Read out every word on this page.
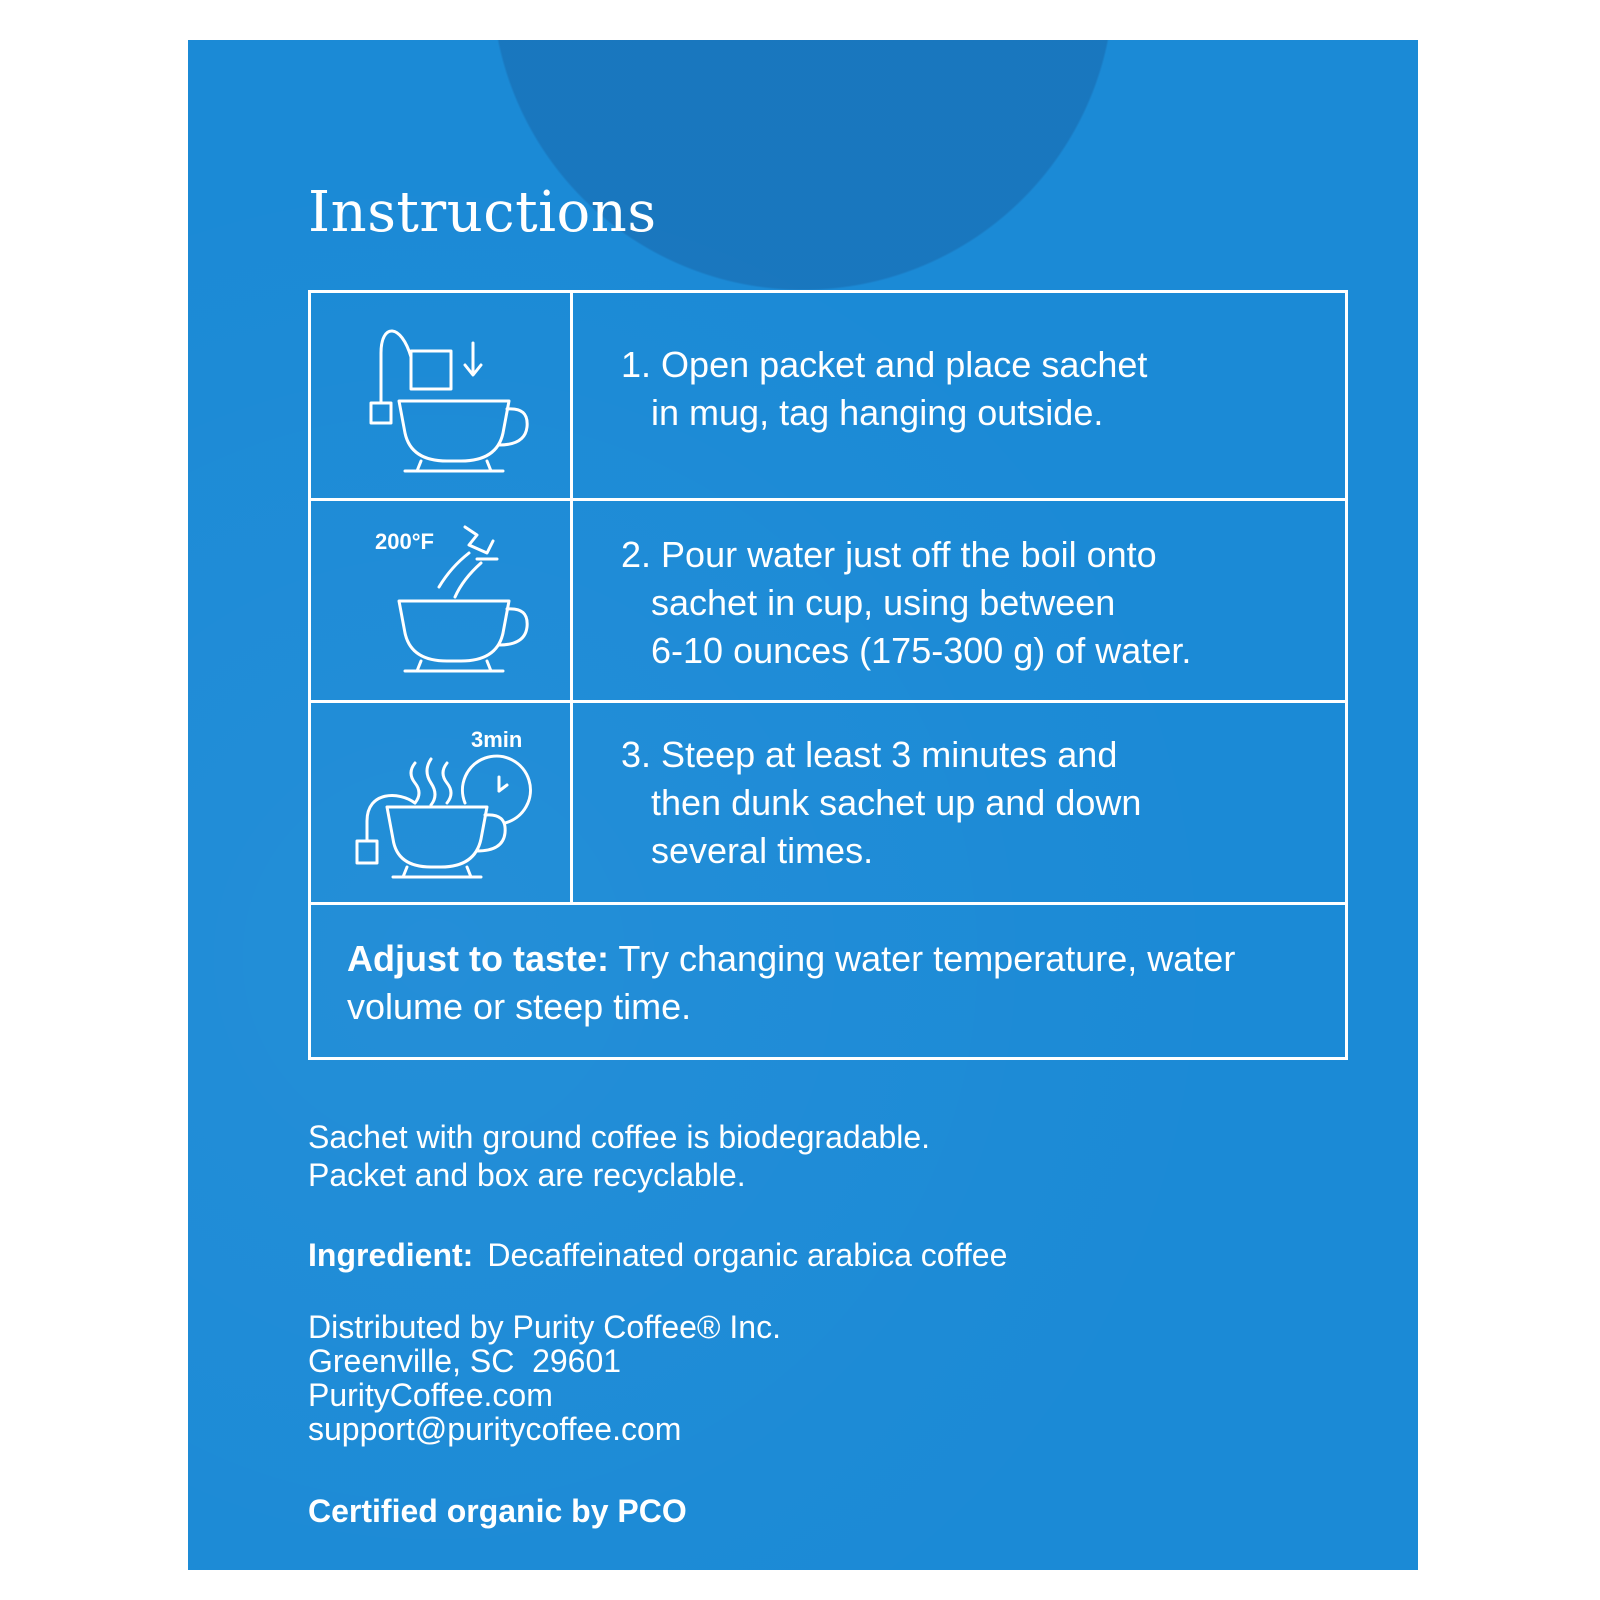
Instructions
1. Open packet and place sachet
in mug, tag hanging outside.
200°F	2. Pour water just off the boil onto
sachet in cup, using between
6-10 ounces (175-300 g) of water.
3min	3. Steep at least 3 minutes and
then dunk sachet up and down
several times.
Adjust to taste: Try changing water temperature, water volume or steep time.
Sachet with ground coffee is biodegradable.
Packet and box are recyclable.
Ingredient: Decaffeinated organic arabica coffee
Distributed by Purity Coffee® Inc.
Greenville, SC  29601
PurityCoffee.com
support@puritycoffee.com
Certified organic by PCO
